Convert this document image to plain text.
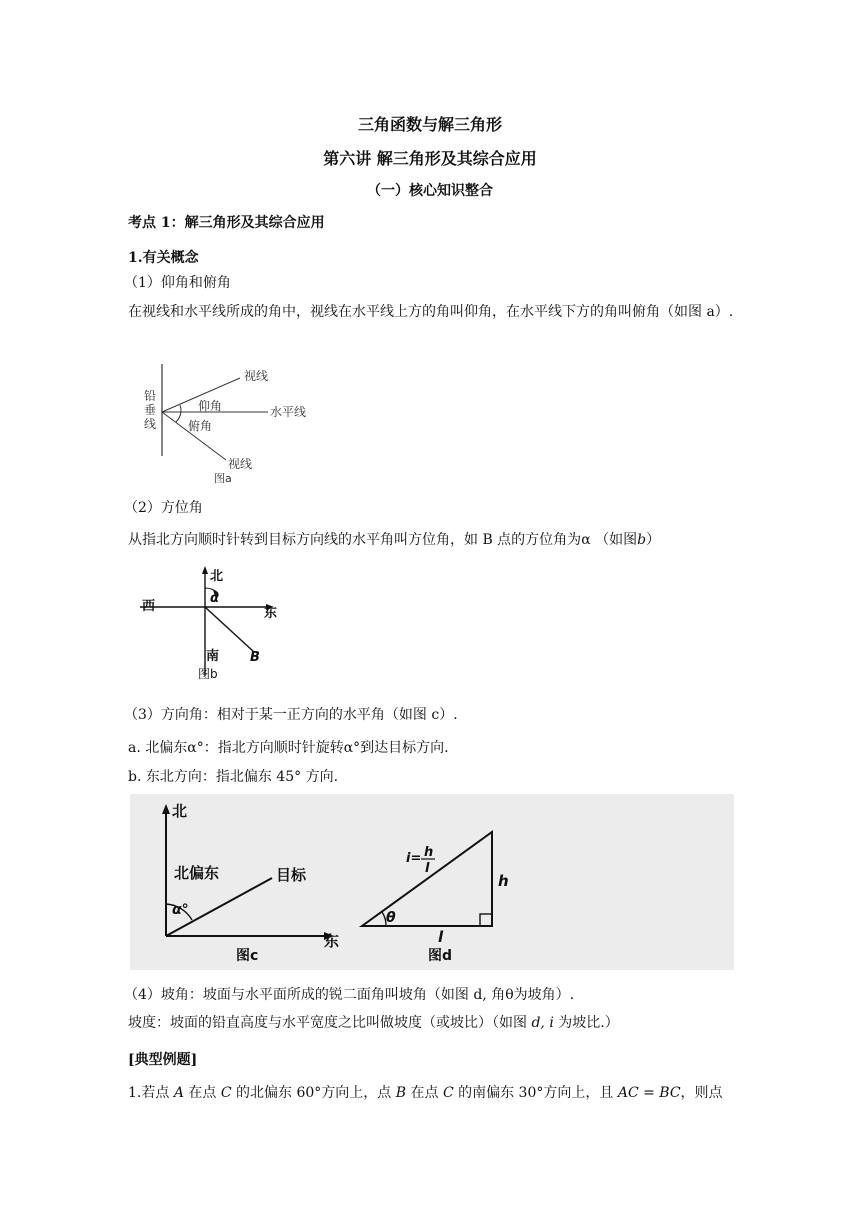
三角函数与解三角形
第六讲 解三角形及其综合应用
（一）核心知识整合
考点 1：解三角形及其综合应用
1.有关概念
（1）仰角和俯角
在视线和水平线所成的角中，视线在水平线上方的角叫仰角，在水平线下方的角叫俯角（如图 a）.
铅
垂
线
视线
仰角	水平线
俯角
视线
图a
（2）方位角
从指北方向顺时针转到目标方向线的水平角叫方位角，如 B 点的方位角为α （如图b）
北
西	东
α
南 B
图b
（3）方向角：相对于某一正方向的水平角（如图 c）.
a. 北偏东α°：指北方向顺时针旋转α°到达目标方向.
b. 东北方向：指北偏东 45° 方向.
北
北偏东	目标
α°
东
图c
i= h
l
h
θ
l
图d
（4）坡角：坡面与水平面所成的锐二面角叫坡角（如图 d, 角θ为坡角）.
坡度：坡面的铅直高度与水平宽度之比叫做坡度（或坡比）（如图 d, i 为坡比.）
[典型例题]
1.若点 A 在点 C 的北偏东 60°方向上，点 B 在点 C 的南偏东 30°方向上，且 AC = BC，则点
